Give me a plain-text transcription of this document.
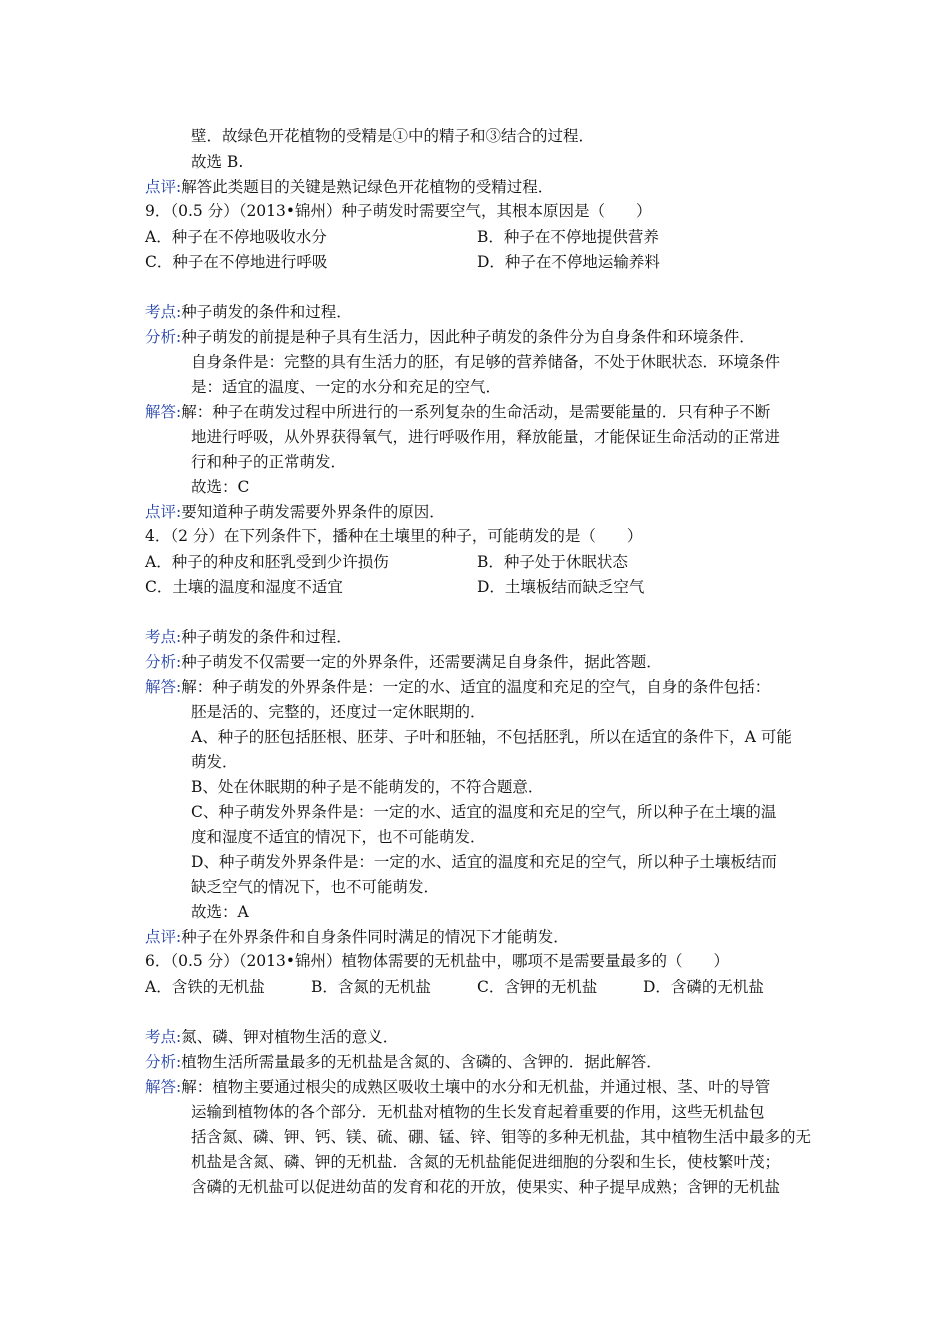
壁．故绿色开花植物的受精是①中的精子和③结合的过程．
故选 B.
点评:解答此类题目的关键是熟记绿色开花植物的受精过程．
9．（0.5 分）（2013•锦州）种子萌发时需要空气，其根本原因是（　　）
A．种子在不停地吸收水分	B．种子在不停地提供营养
C．种子在不停地进行呼吸	D．种子在不停地运输养料
考点:种子萌发的条件和过程．
分析:种子萌发的前提是种子具有生活力，因此种子萌发的条件分为自身条件和环境条件．
自身条件是：完整的具有生活力的胚，有足够的营养储备，不处于休眠状态．环境条件
是：适宜的温度、一定的水分和充足的空气．
解答:解：种子在萌发过程中所进行的一系列复杂的生命活动，是需要能量的．只有种子不断
地进行呼吸，从外界获得氧气，进行呼吸作用，释放能量，才能保证生命活动的正常进
行和种子的正常萌发．
故选：C
点评:要知道种子萌发需要外界条件的原因．
4．（2 分）在下列条件下，播种在土壤里的种子，可能萌发的是（　　）
A．种子的种皮和胚乳受到少许损伤	B．种子处于休眠状态
C．土壤的温度和湿度不适宜	D．土壤板结而缺乏空气
考点:种子萌发的条件和过程．
分析:种子萌发不仅需要一定的外界条件，还需要满足自身条件，据此答题．
解答:解：种子萌发的外界条件是：一定的水、适宜的温度和充足的空气，自身的条件包括：
胚是活的、完整的，还度过一定休眠期的．
A、种子的胚包括胚根、胚芽、子叶和胚轴，不包括胚乳，所以在适宜的条件下，A 可能
萌发．
B、处在休眠期的种子是不能萌发的，不符合题意．
C、种子萌发外界条件是：一定的水、适宜的温度和充足的空气，所以种子在土壤的温
度和湿度不适宜的情况下，也不可能萌发．
D、种子萌发外界条件是：一定的水、适宜的温度和充足的空气，所以种子土壤板结而
缺乏空气的情况下，也不可能萌发．
故选：A
点评:种子在外界条件和自身条件同时满足的情况下才能萌发．
6．（0.5 分）（2013•锦州）植物体需要的无机盐中，哪项不是需要量最多的（　　）
A．含铁的无机盐	B．含氮的无机盐	C．含钾的无机盐	D．含磷的无机盐
考点:氮、磷、钾对植物生活的意义．
分析:植物生活所需量最多的无机盐是含氮的、含磷的、含钾的．据此解答．
解答:解：植物主要通过根尖的成熟区吸收土壤中的水分和无机盐，并通过根、茎、叶的导管
运输到植物体的各个部分．无机盐对植物的生长发育起着重要的作用，这些无机盐包
括含氮、磷、钾、钙、镁、硫、硼、锰、锌、钼等的多种无机盐，其中植物生活中最多的无
机盐是含氮、磷、钾的无机盐．含氮的无机盐能促进细胞的分裂和生长，使枝繁叶茂；
含磷的无机盐可以促进幼苗的发育和花的开放，使果实、种子提早成熟；含钾的无机盐
